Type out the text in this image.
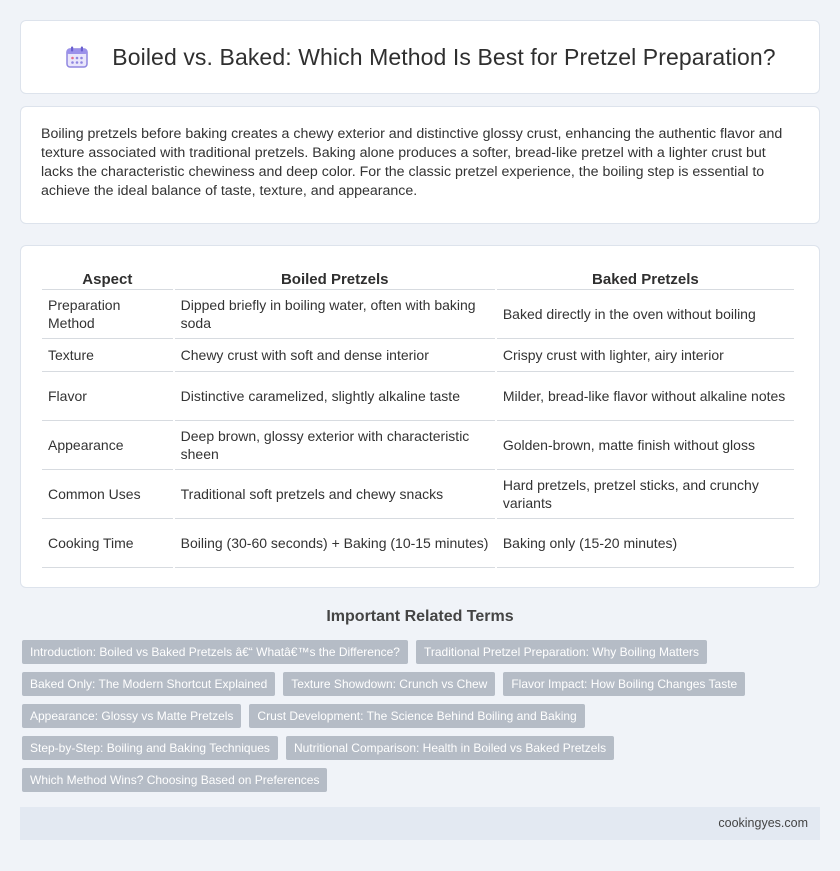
Boiled vs. Baked: Which Method Is Best for Pretzel Preparation?

Boiling pretzels before baking creates a chewy exterior and distinctive glossy crust, enhancing the authentic flavor and texture associated with traditional pretzels. Baking alone produces a softer, bread-like pretzel with a lighter crust but lacks the characteristic chewiness and deep color. For the classic pretzel experience, the boiling step is essential to achieve the ideal balance of taste, texture, and appearance.

Aspect	Boiled Pretzels	Baked Pretzels
Preparation Method	Dipped briefly in boiling water, often with baking soda	Baked directly in the oven without boiling
Texture	Chewy crust with soft and dense interior	Crispy crust with lighter, airy interior
Flavor	Distinctive caramelized, slightly alkaline taste	Milder, bread-like flavor without alkaline notes
Appearance	Deep brown, glossy exterior with characteristic sheen	Golden-brown, matte finish without gloss
Common Uses	Traditional soft pretzels and chewy snacks	Hard pretzels, pretzel sticks, and crunchy variants
Cooking Time	Boiling (30-60 seconds) + Baking (10-15 minutes)	Baking only (15-20 minutes)
Important Related Terms
Introduction: Boiled vs Baked Pretzels â€“ Whatâ€™s the Difference?	Traditional Pretzel Preparation: Why Boiling Matters
Baked Only: The Modern Shortcut Explained	Texture Showdown: Crunch vs Chew	Flavor Impact: How Boiling Changes Taste
Appearance: Glossy vs Matte Pretzels	Crust Development: The Science Behind Boiling and Baking
Step-by-Step: Boiling and Baking Techniques	Nutritional Comparison: Health in Boiled vs Baked Pretzels
Which Method Wins? Choosing Based on Preferences
cookingyes.com
